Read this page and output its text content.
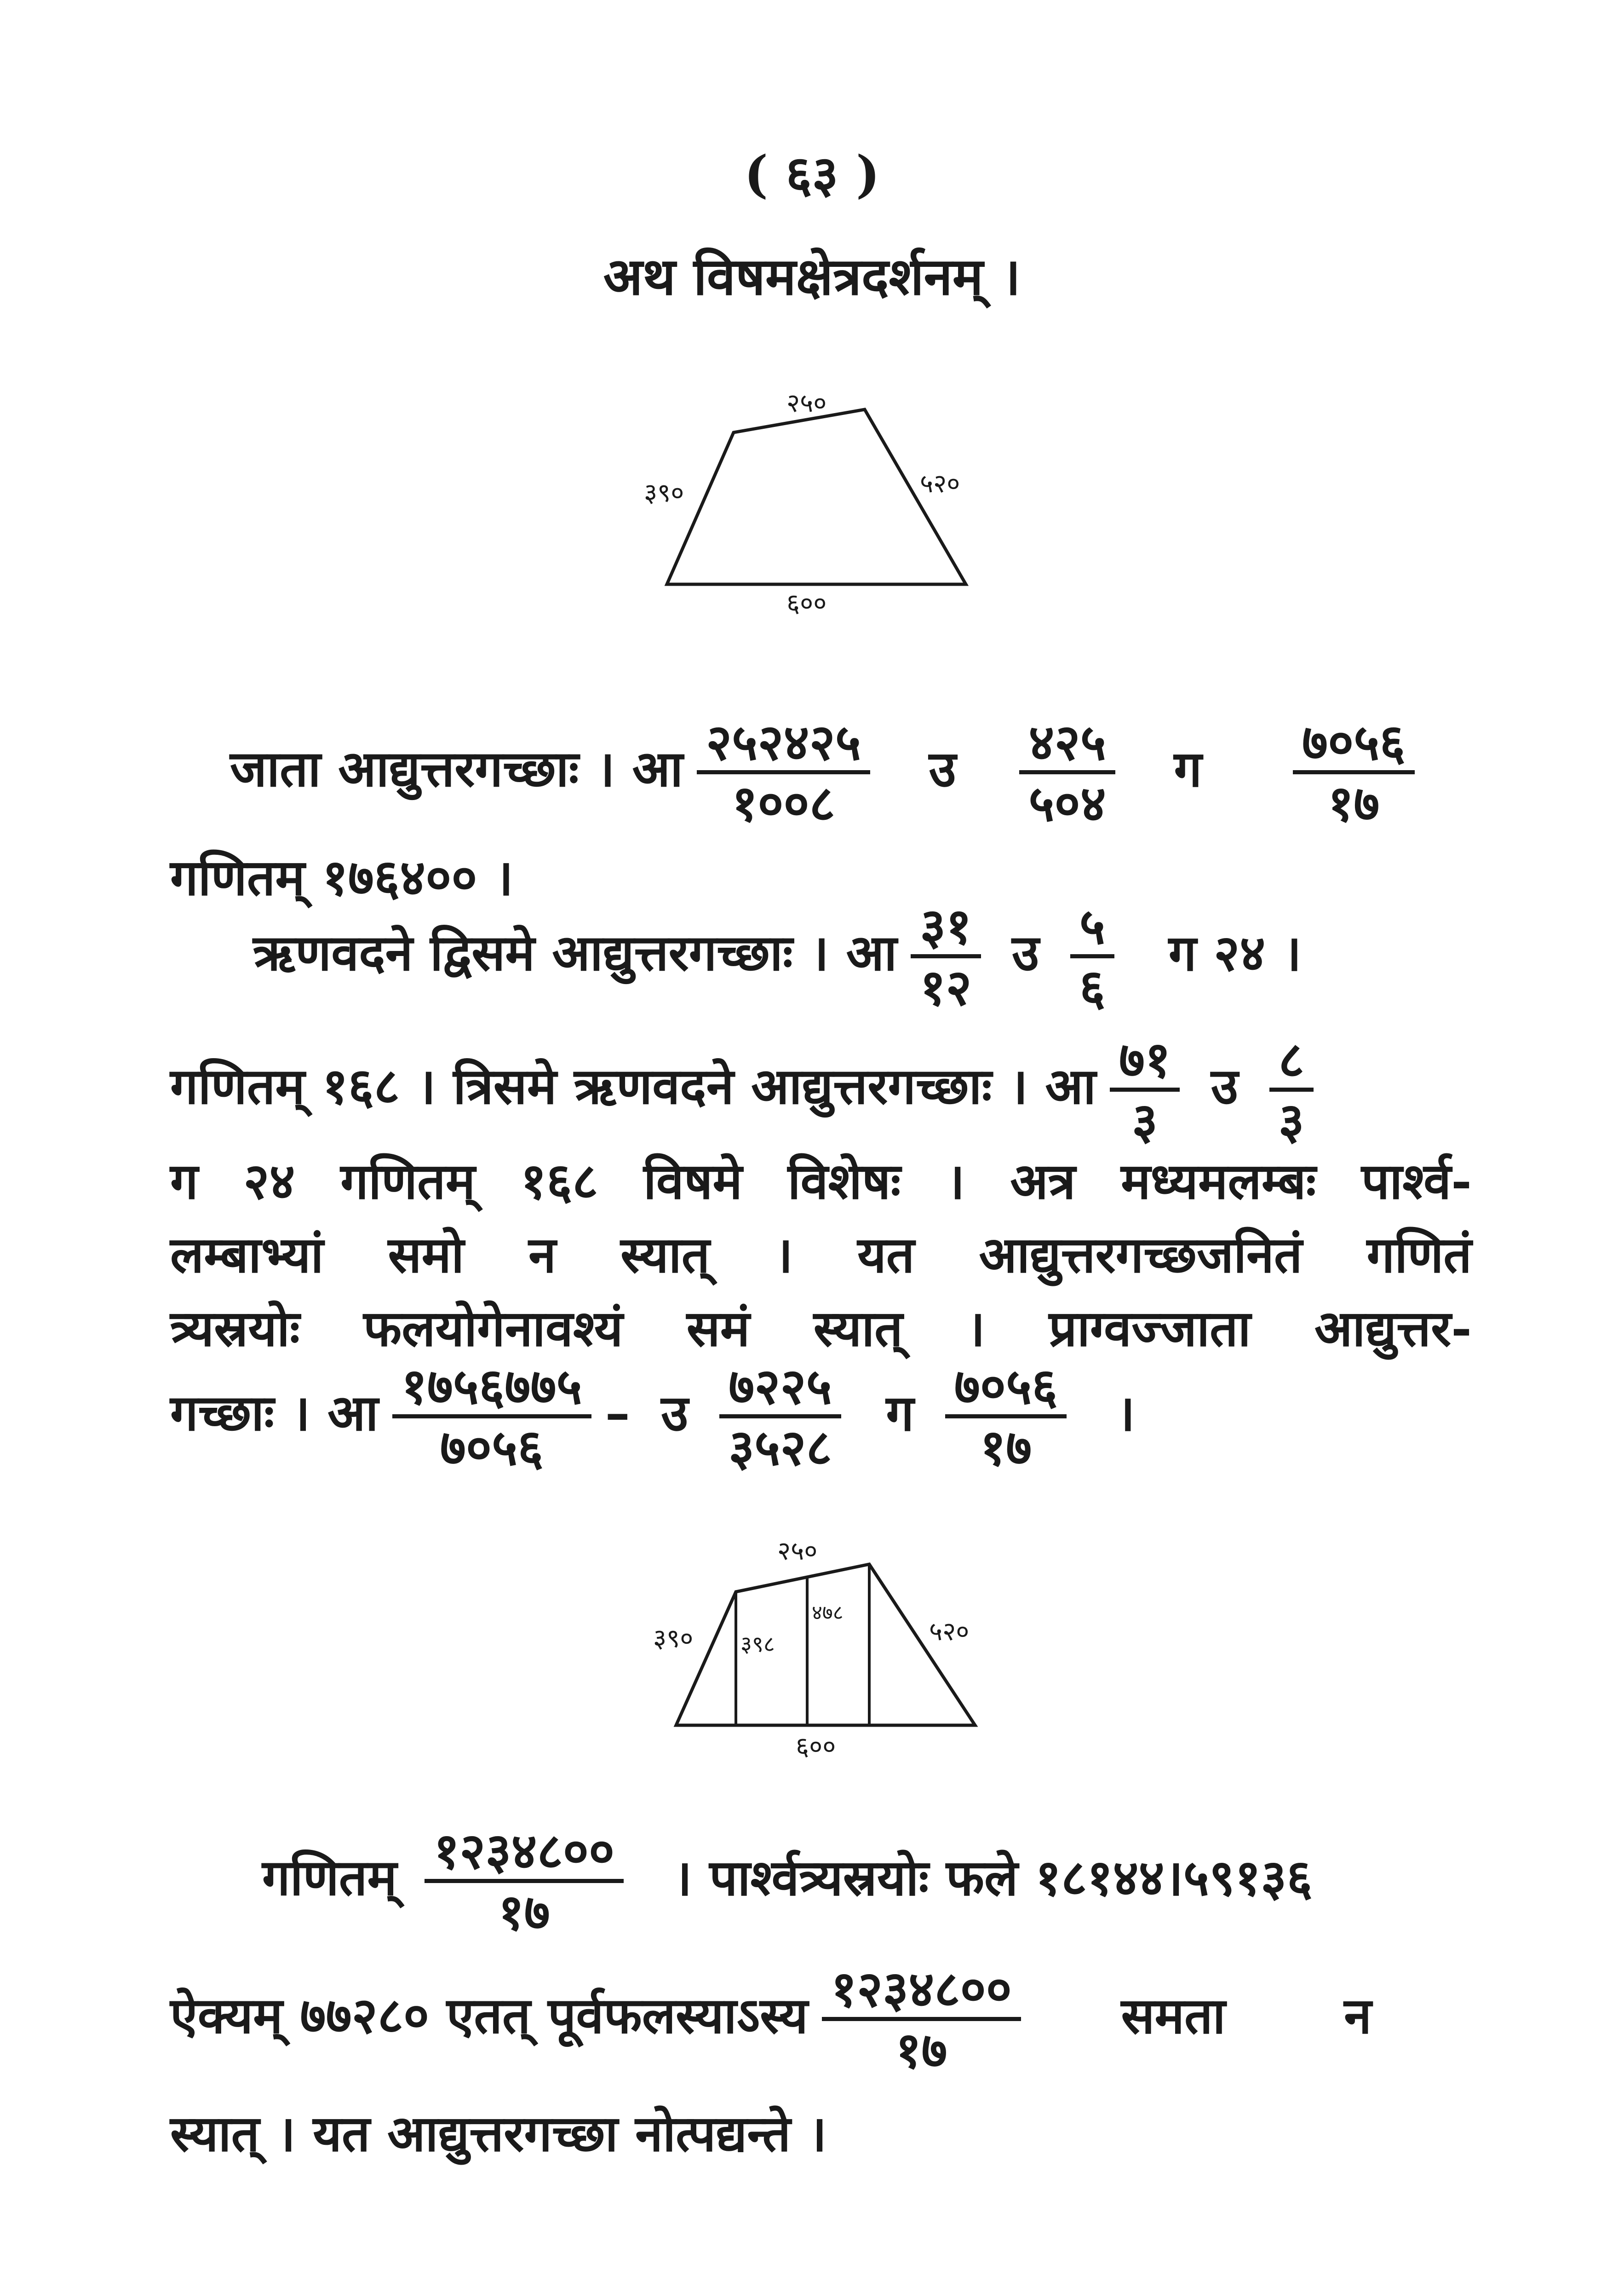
( ६३ )
अथ विषमक्षेत्रदर्शनम् ।
२५०
३९०	५२०
६००
जाता आद्युत्तरगच्छाः । आ $\frac{२५२४२५}{१००८}$ उ $\frac{४२५}{५०४}$ ग $\frac{७०५६}{१७}$
गणितम् १७६४०० ।
ऋणवदने द्विसमे आद्युत्तरगच्छाः । आ $\frac{३१}{१२}$ उ $\frac{५}{६}$ ग २४ ।
गणितम् १६८ । त्रिसमे ऋणवदने आद्युत्तरगच्छाः । आ $\frac{७१}{३}$ उ $\frac{८}{३}$
ग २४ गणितम् १६८ विषमे विशेषः । अत्र मध्यमलम्बः पार्श्व-
लम्बाभ्यां समो न स्यात् । यत आद्युत्तरगच्छजनितं गणितं
त्र्यस्रयोः फलयोगेनावश्यं समं स्यात् । प्राग्वज्जाता आद्युत्तर-
गच्छाः । आ $\frac{१७५६७७५}{७०५६}$ – उ $\frac{७२२५}{३५२८}$ ग $\frac{७०५६}{१७}$ ।
२५०
३९० ३९८
४७८
५२०
६००
गणितम् $\frac{१२३४८००}{१७}$ । पार्श्वत्र्यस्रयोः फले १८१४४।५९१३६
ऐक्यम् ७७२८० एतत् पूर्वफलस्याऽस्य $\frac{१२३४८००}{१७}$ समता न
स्यात् । यत आद्युत्तरगच्छा नोत्पद्यन्ते ।
